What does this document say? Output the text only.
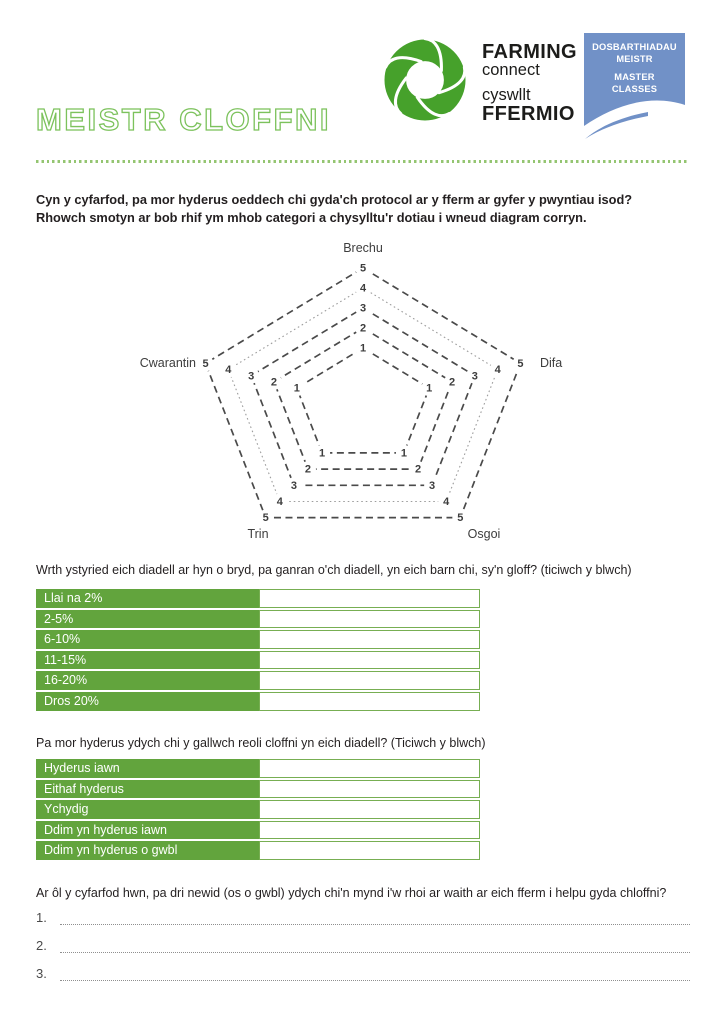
MEISTR CLOFFNI
FARMING
connect
cyswllt
FFERMIO
DOSBARTHIADAU
MEISTR
MASTER
CLASSES
Cyn y cyfarfod, pa mor hyderus oeddech chi gyda'ch protocol ar y fferm ar gyfer y pwyntiau isod?
Rhowch smotyn ar bob rhif ym mhob categori a chysylltu'r dotiau i wneud diagram corryn.
1
1
1
1
1
2
2
2
2
2
3
3
3
3
3
4
4
4
4
4
5
5
5
5
5
Brechu
Difa
Osgoi
Trin
Cwarantin
Wrth ystyried eich diadell ar hyn o bryd, pa ganran o'ch diadell, yn eich barn chi, sy'n gloff? (ticiwch y blwch)
Llai na 2%
2-5%
6-10%
11-15%
16-20%
Dros 20%
Pa mor hyderus ydych chi y gallwch reoli cloffni yn eich diadell? (Ticiwch y blwch)
Hyderus iawn
Eithaf hyderus
Ychydig
Ddim yn hyderus iawn
Ddim yn hyderus o gwbl
Ar ôl y cyfarfod hwn, pa dri newid (os o gwbl) ydych chi'n mynd i'w rhoi ar waith ar eich fferm i helpu gyda chloffni?
1.
2.
3.
